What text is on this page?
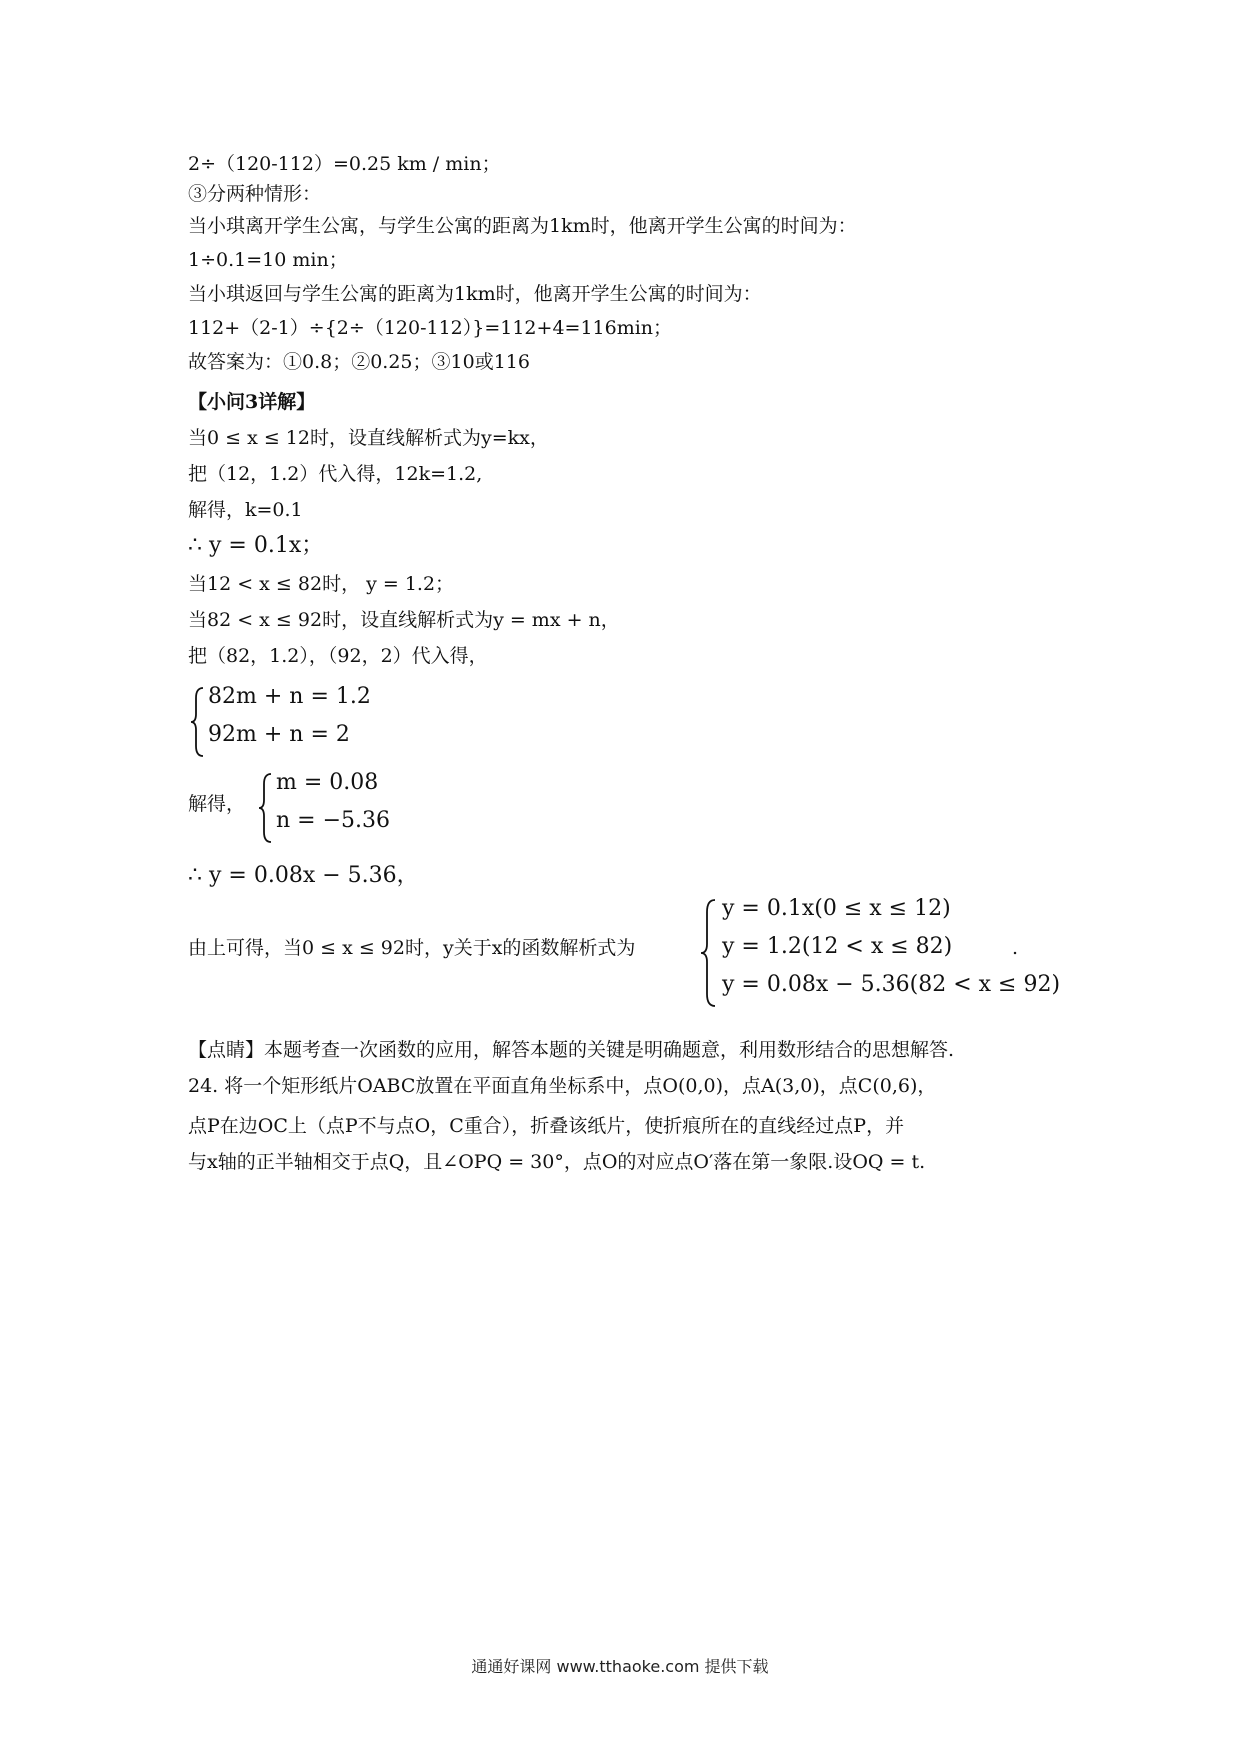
2÷（120-112）=0.25 km / min；
③分两种情形：
当小琪离开学生公寓，与学生公寓的距离为1km时，他离开学生公寓的时间为：
1÷0.1=10 min；
当小琪返回与学生公寓的距离为1km时，他离开学生公寓的时间为：
112+（2-1）÷{2÷（120-112）}=112+4=116min；
故答案为：①0.8；②0.25；③10或116
【小问3详解】
当0 ≤ x ≤ 12时，设直线解析式为y=kx，
把（12，1.2）代入得，12k=1.2,
解得，k=0.1
∴ y = 0.1x；
当12 < x ≤ 82时， y = 1.2；
当82 < x ≤ 92时，设直线解析式为y = mx + n，
把（82，1.2），（92，2）代入得，
82m + n = 1.2
92m + n = 2
解得，
m = 0.08
n = −5.36
∴ y = 0.08x − 5.36，
由上可得，当0 ≤ x ≤ 92时，y关于x的函数解析式为
y = 0.1x(0 ≤ x ≤ 12)
y = 1.2(12 < x ≤ 82)
y = 0.08x − 5.36(82 < x ≤ 92)
.
【点睛】本题考查一次函数的应用，解答本题的关键是明确题意，利用数形结合的思想解答.
24. 将一个矩形纸片OABC放置在平面直角坐标系中，点O(0,0)，点A(3,0)，点C(0,6)，
点P在边OC上（点P不与点O，C重合），折叠该纸片，使折痕所在的直线经过点P，并
与x轴的正半轴相交于点Q，且∠OPQ = 30°，点O的对应点O′落在第一象限.设OQ = t.
通通好课网 www.tthaoke.com 提供下载
